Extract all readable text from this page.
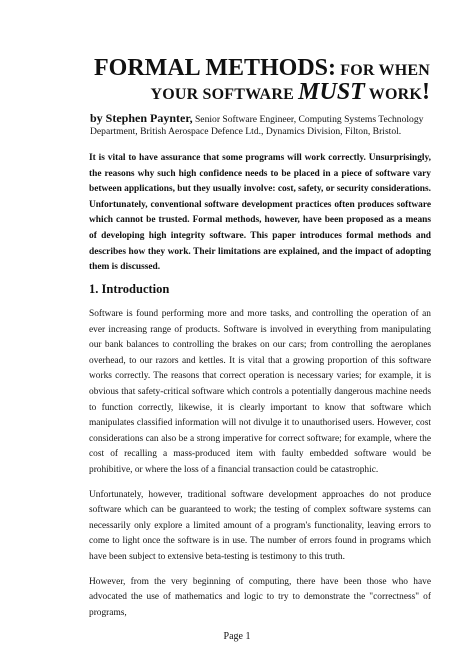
FORMAL METHODS: FOR WHEN
YOUR SOFTWARE MUST WORK!
by Stephen Paynter, Senior Software Engineer, Computing Systems Technology Department, British Aerospace Defence Ltd., Dynamics Division, Filton, Bristol.
It is vital to have assurance that some programs will work correctly. Unsurprisingly, the reasons why such high confidence needs to be placed in a piece of software vary between applications, but they usually involve: cost, safety, or security considerations. Unfortunately, conventional software development practices often produces software which cannot be trusted. Formal methods, however, have been proposed as a means of developing high integrity software. This paper introduces formal methods and describes how they work. Their limitations are explained, and the impact of adopting them is discussed.
1. Introduction

Software is found performing more and more tasks, and controlling the operation of an ever increasing range of products. Software is involved in everything from manipulating our bank balances to controlling the brakes on our cars; from controlling the aeroplanes overhead, to our razors and kettles. It is vital that a growing proportion of this software works correctly. The reasons that correct operation is necessary varies; for example, it is obvious that safety-critical software which controls a potentially dangerous machine needs to function correctly, likewise, it is clearly important to know that software which manipulates classified information will not divulge it to unauthorised users. However, cost considerations can also be a strong imperative for correct software; for example, where the cost of recalling a mass-produced item with faulty embedded software would be prohibitive, or where the loss of a financial transaction could be catastrophic.

Unfortunately, however, traditional software development approaches do not produce software which can be guaranteed to work; the testing of complex software systems can necessarily only explore a limited amount of a program's functionality, leaving errors to come to light once the software is in use. The number of errors found in programs which have been subject to extensive beta-testing is testimony to this truth.

However, from the very beginning of computing, there have been those who have advocated the use of mathematics and logic to try to demonstrate the "correctness" of programs,

Page 1
